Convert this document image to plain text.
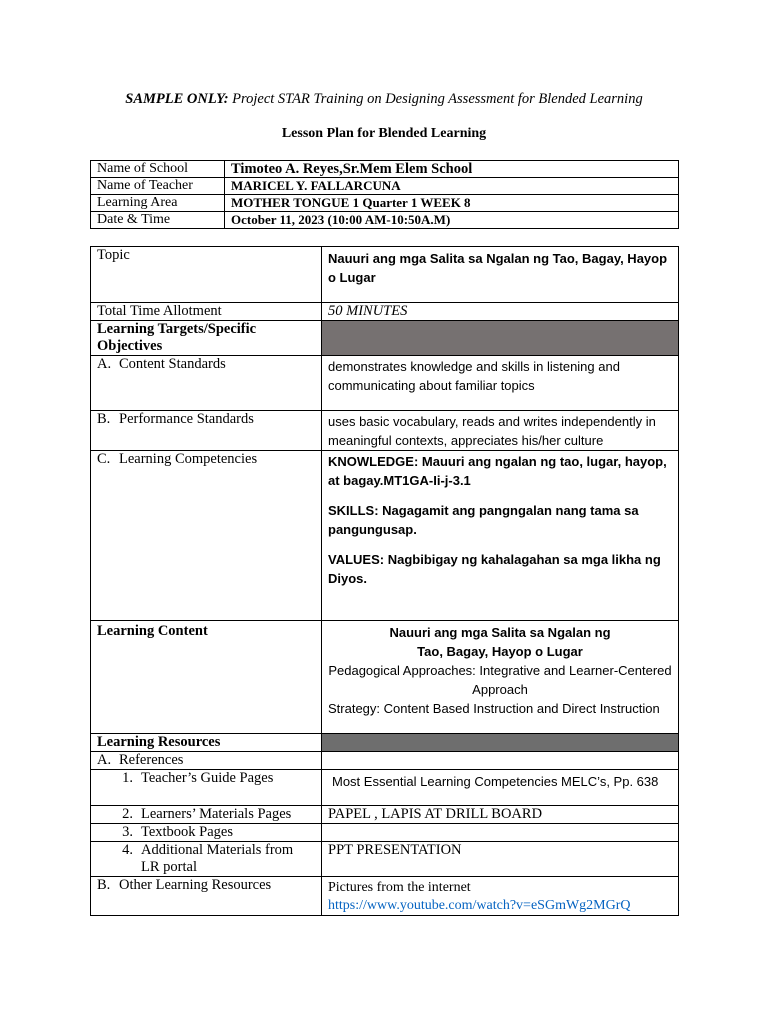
SAMPLE ONLY: Project STAR Training on Designing Assessment for Blended Learning
Lesson Plan for Blended Learning
Name of School	Timoteo A. Reyes,Sr.Mem Elem School
Name of Teacher	MARICEL Y. FALLARCUNA
Learning Area	MOTHER TONGUE 1 Quarter 1 WEEK 8
Date & Time	October 11, 2023 (10:00 AM-10:50A.M)
Topic	Nauuri ang mga Salita sa Ngalan ng Tao, Bagay, Hayop o Lugar

Total Time Allotment	50 MINUTES
Learning Targets/Specific Objectives	
A. Content Standards	demonstrates knowledge and skills in listening and communicating about familiar topics

B. Performance Standards	uses basic vocabulary, reads and writes independently in meaningful contexts, appreciates his/her culture

C. Learning Competencies	KNOWLEDGE: Mauuri ang ngalan ng tao, lugar, hayop, at bagay.MT1GA-Ii-j-3.1
SKILLS: Nagagamit ang pangngalan nang tama sa pangungusap.
VALUES: Nagbibigay ng kahalagahan sa mga likha ng Diyos.

Learning Content	Nauuri ang mga Salita sa Ngalan ng
Tao, Bagay, Hayop o Lugar
Pedagogical Approaches: Integrative and Learner-Centered Approach
Strategy: Content Based Instruction and Direct Instruction

Learning Resources	
A. References	

1. Teacher’s Guide Pages	Most Essential Learning Competencies MELC’s, Pp. 638

2. Learners’ Materials Pages	PAPEL , LAPIS AT DRILL BOARD

3. Textbook Pages	

4. Additional Materials from LR portal	PPT PRESENTATION
B. Other Learning Resources	Pictures from the internet
https://www.youtube.com/watch?v=eSGmWg2MGrQ
